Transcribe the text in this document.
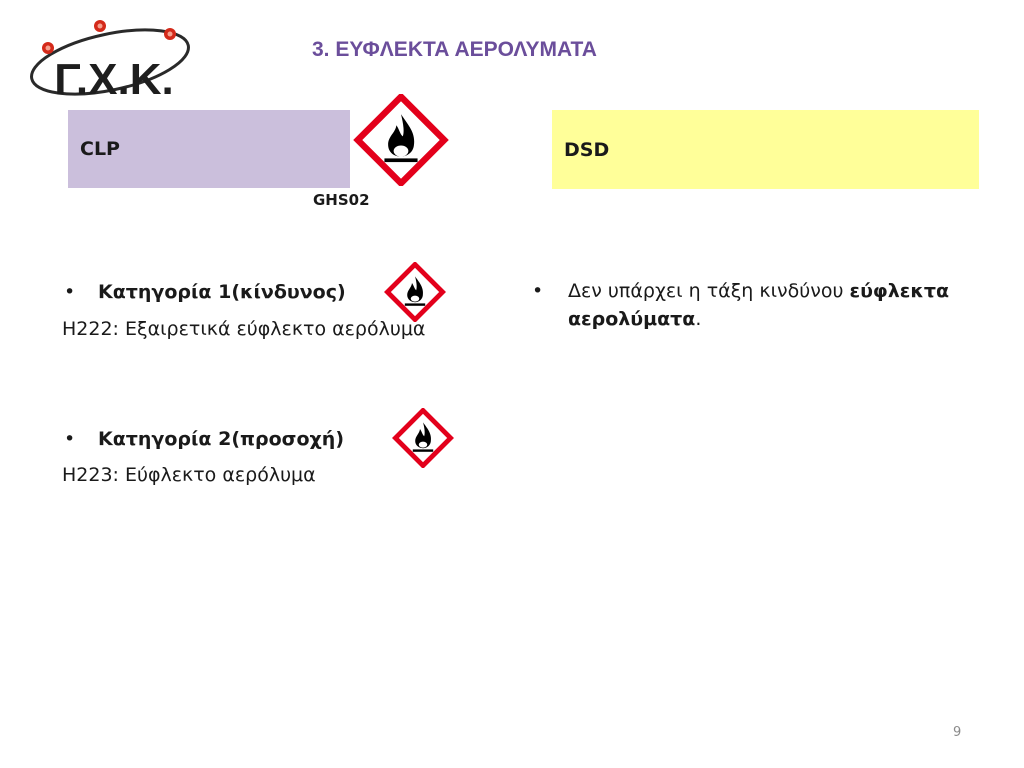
Γ.Χ.Κ.
3. ΕΥΦΛΕΚΤΑ ΑΕΡΟΛΥΜΑΤΑ
CLP
GHS02
DSD
•	Κατηγορία 1(κίνδυνος)
H222: Εξαιρετικά εύφλεκτο αερόλυμα
•	Κατηγορία 2(προσοχή)
H223: Εύφλεκτο αερόλυμα
•	Δεν υπάρχει η τάξη κινδύνου εύφλεκτα αερολύματα.
9
